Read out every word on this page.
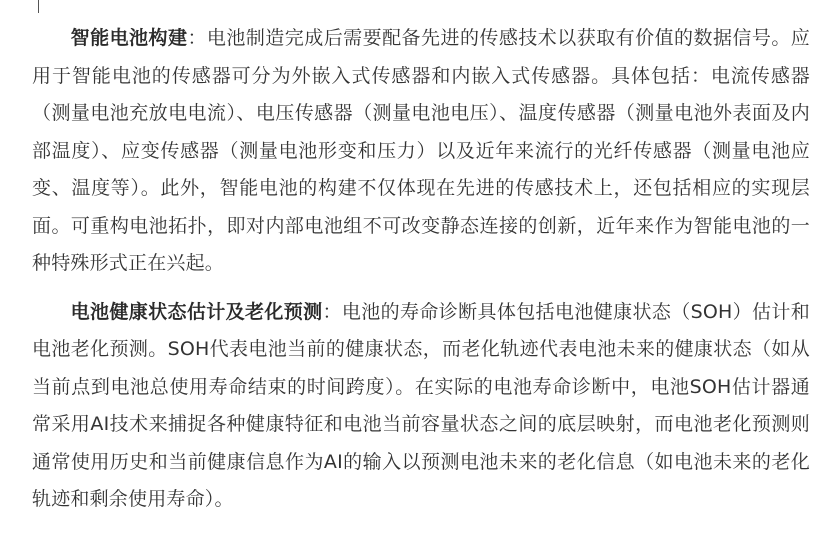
  智能电池构建：电池制造完成后需要配备先进的传感技术以获取有价值的数据信号。应用于智能电池的传感器可分为外嵌入式传感器和内嵌入式传感器。具体包括：电流传感器（测量电池充放电电流）、电压传感器（测量电池电压）、温度传感器（测量电池外表面及内部温度）、应变传感器（测量电池形变和压力）以及近年来流行的光纤传感器（测量电池应变、温度等）。此外，智能电池的构建不仅体现在先进的传感技术上，还包括相应的实现层面。可重构电池拓扑，即对内部电池组不可改变静态连接的创新，近年来作为智能电池的一种特殊形式正在兴起。

  电池健康状态估计及老化预测：电池的寿命诊断具体包括电池健康状态（SOH）估计和电池老化预测。SOH代表电池当前的健康状态，而老化轨迹代表电池未来的健康状态（如从当前点到电池总使用寿命结束的时间跨度）。在实际的电池寿命诊断中，电池SOH估计器通常采用AI技术来捕捉各种健康特征和电池当前容量状态之间的底层映射，而电池老化预测则通常使用历史和当前健康信息作为AI的输入以预测电池未来的老化信息（如电池未来的老化轨迹和剩余使用寿命）。
